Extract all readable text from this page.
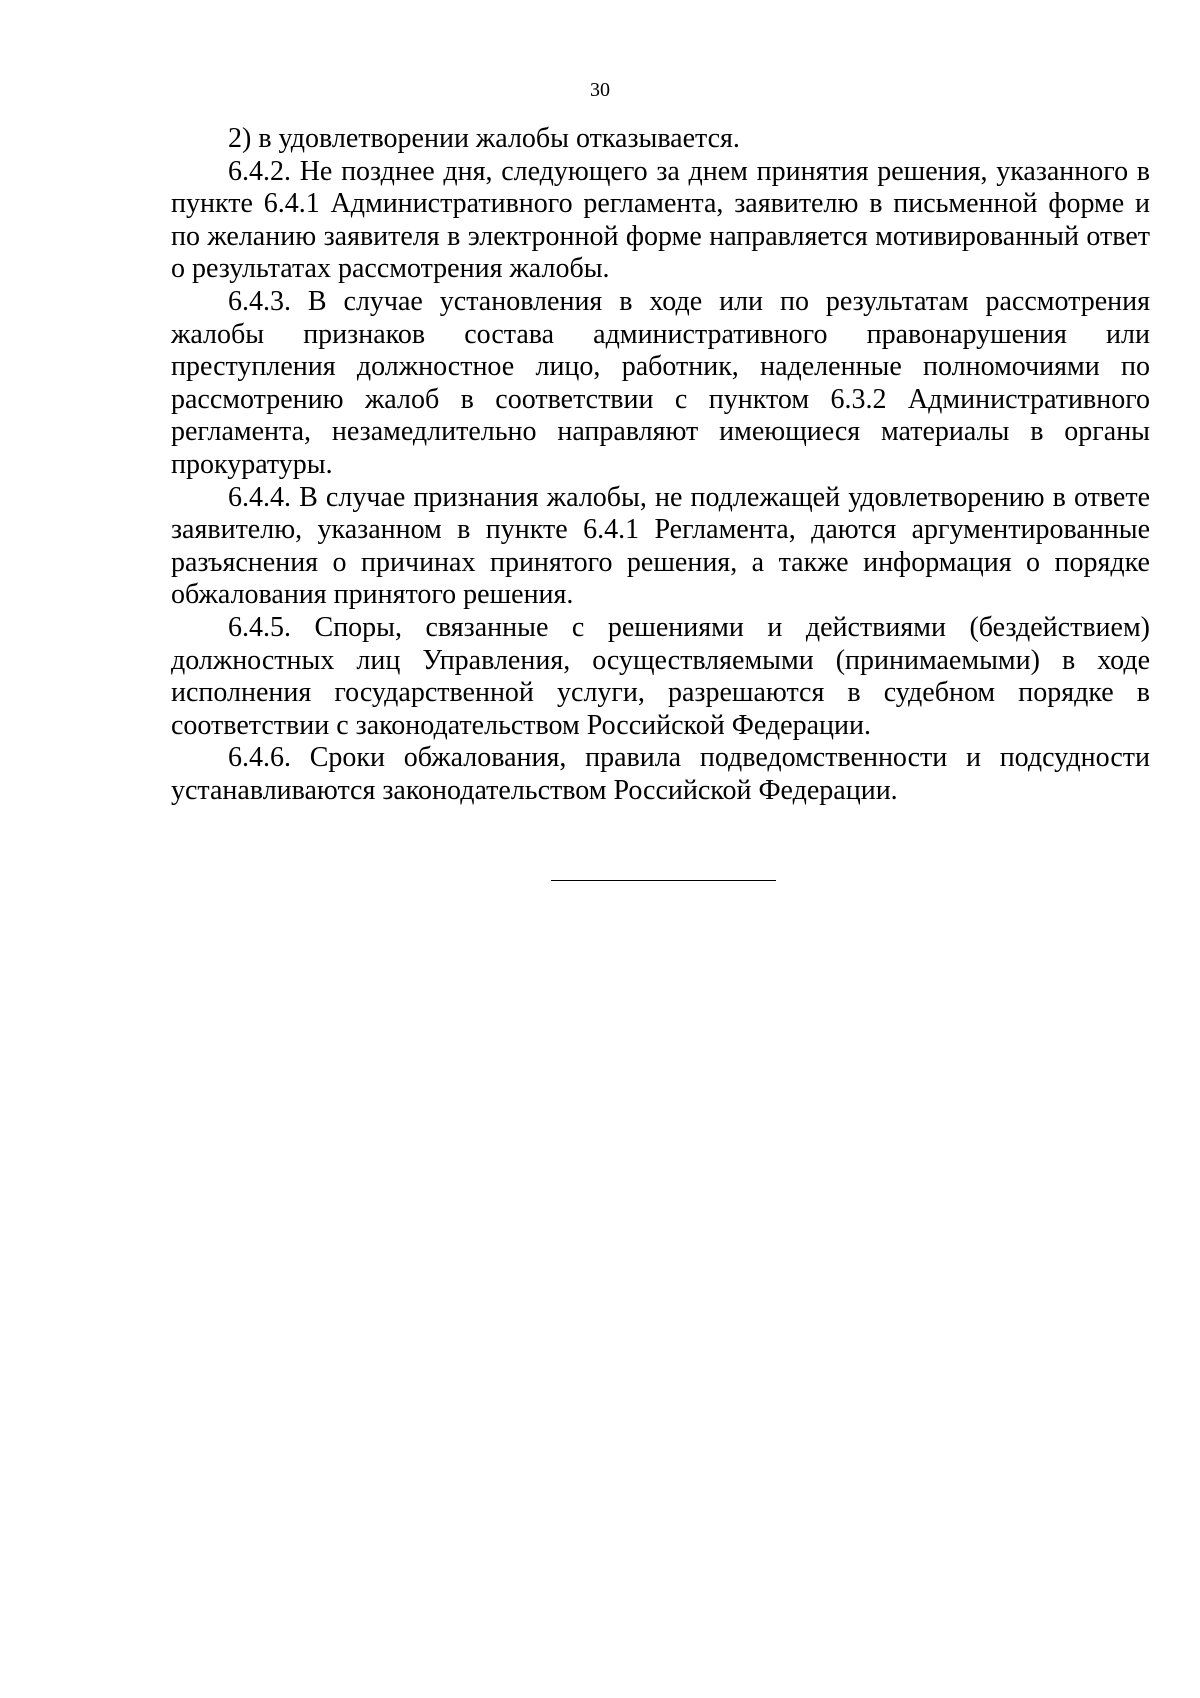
30

2) в удовлетворении жалобы отказывается.

6.4.2. Не позднее дня, следующего за днем принятия решения, указанного в пункте 6.4.1 Административного регламента, заявителю в письменной форме и по желанию заявителя в электронной форме направляется мотивированный ответ о результатах рассмотрения жалобы.

6.4.3. В случае установления в ходе или по результатам рассмотрения жалобы признаков состава административного правонарушения или преступления должностное лицо, работник, наделенные полномочиями по рассмотрению жалоб в соответствии с пунктом 6.3.2 Административного регламента, незамедлительно направляют имеющиеся материалы в органы прокуратуры.

6.4.4. В случае признания жалобы, не подлежащей удовлетворению в ответе заявителю, указанном в пункте 6.4.1 Регламента, даются аргументированные разъяснения о причинах принятого решения, а также информация о порядке обжалования принятого решения.

6.4.5. Споры, связанные с решениями и действиями (бездействием) должностных лиц Управления, осуществляемыми (принимаемыми) в ходе исполнения государственной услуги, разрешаются в судебном порядке в соответствии с законодательством Российской Федерации.

6.4.6. Сроки обжалования, правила подведомственности и подсудности устанавливаются законодательством Российской Федерации.
